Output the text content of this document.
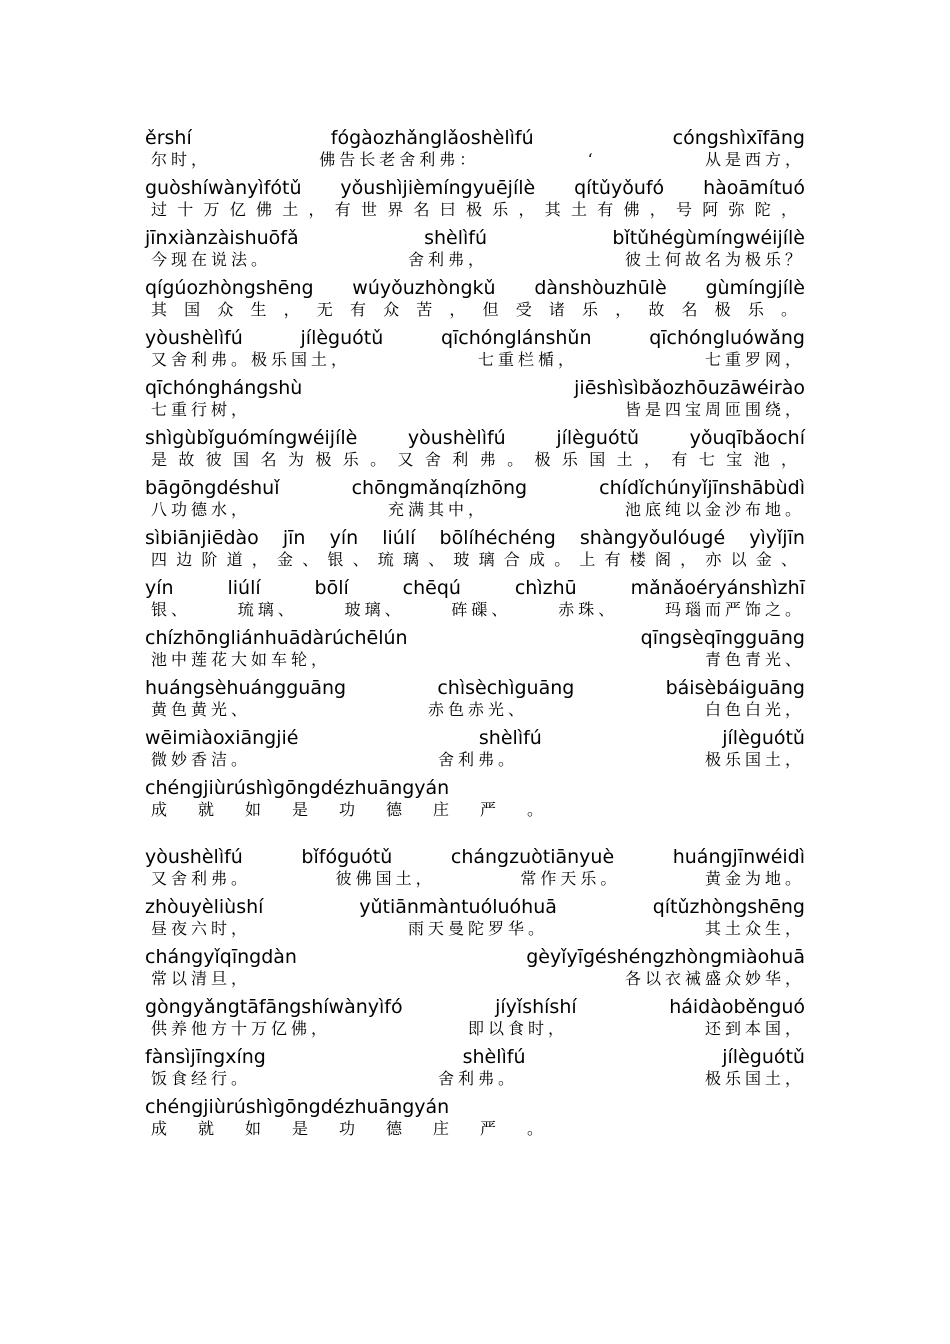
ěrshí	fógàozhǎnglǎoshèlìfú	cóngshìxīfāng
尔时，	佛告长老舍利弗：	‘	从是西方，
guòshíwànyìfótǔ yǒushìjièmíngyuējílè qítǔyǒufó hàoāmítuó
过十万亿佛土，有世界名曰极乐，其土有佛，号阿弥陀，
jīnxiànzàishuōfǎ	shèlìfú	bǐtǔhégùmíngwéijílè
今现在说法。	舍利弗，	彼土何故名为极乐？
qígúozhòngshēng wúyǒuzhòngkǔ dànshòuzhūlè gùmíngjílè
其国众生，无有众苦，但受诸乐，故名极乐。
yòushèlìfú	jílèguótǔ	qīchónglánshǔn	qīchóngluówǎng
又舍利弗。极乐国土，	七重栏楯，	七重罗网，
qīchónghángshù	jiēshìsìbǎozhōuzāwéirào
七重行树，	皆是四宝周匝围绕，
shìgùbǐguómíngwéijílè	yòushèlìfú	jílèguótǔ	yǒuqībǎochí
是故彼国名为极乐。又舍利弗。极乐国土，有七宝池，
bāgōngdéshuǐ	chōngmǎnqízhōng	chídǐchúnyǐjīnshābùdì
八功德水，	充满其中，	池底纯以金沙布地。
sìbiānjiēdào jīn yín liúlí bōlíhéchéng shàngyǒulóugé yìyǐjīn
四边阶道，金、银、琉璃、玻璃合成。上有楼阁，亦以金、
yín	liúlí	bōlí	chēqú	chìzhū	mǎnǎoéryánshìzhī
银、	琉璃、	玻璃、	砗磲、	赤珠、	玛瑙而严饰之。
chízhōngliánhuādàrúchēlún	qīngsèqīngguāng
池中莲花大如车轮，	青色青光、
huángsèhuángguāng	chìsèchìguāng	báisèbáiguāng
黄色黄光、	赤色赤光、	白色白光，
wēimiàoxiāngjié	shèlìfú	jílèguótǔ
微妙香洁。	舍利弗。	极乐国土，
chéngjiùrúshìgōngdézhuāngyán
成就如是功德庄严。
yòushèlìfú	bǐfóguótǔ	chángzuòtiānyuè	huángjīnwéidì
又舍利弗。	彼佛国土，	常作天乐。	黄金为地。
zhòuyèliùshí	yǔtiānmàntuóluóhuā	qítǔzhòngshēng
昼夜六时，	雨天曼陀罗华。	其土众生，
chángyǐqīngdàn	gèyǐyīgéshéngzhòngmiàohuā
常以清旦，	各以衣祴盛众妙华，
gòngyǎngtāfāngshíwànyìfó	jíyǐshíshí	háidàoběnguó
供养他方十万亿佛，	即以食时，	还到本国，
fànsìjīngxíng	shèlìfú	jílèguótǔ
饭食经行。	舍利弗。	极乐国土，
chéngjiùrúshìgōngdézhuāngyán
成就如是功德庄严。
